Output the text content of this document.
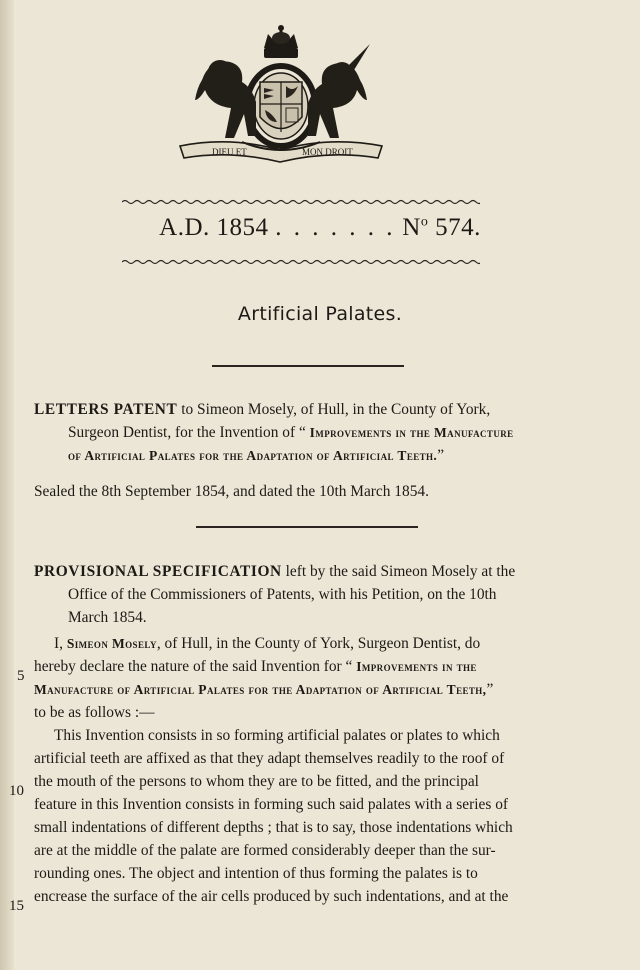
DIEU ET	MON DROIT
A.D. 1854 . . . . . . . $N^o$ 574.
Artificial Palates.
LETTERS PATENT to Simeon Mosely, of Hull, in the County of York,
Surgeon Dentist, for the Invention of “ Improvements in the Manufacture
of Artificial Palates for the Adaptation of Artificial Teeth.”
Sealed the 8th September 1854, and dated the 10th March 1854.
PROVISIONAL SPECIFICATION left by the said Simeon Mosely at the
Office of the Commissioners of Patents, with his Petition, on the 10th
March 1854.
I, Simeon Mosely, of Hull, in the County of York, Surgeon Dentist, do
hereby declare the nature of the said Invention for “ Improvements in the
Manufacture of Artificial Palates for the Adaptation of Artificial Teeth,”
to be as follows :—
This Invention consists in so forming artificial palates or plates to which
artificial teeth are affixed as that they adapt themselves readily to the roof of
the mouth of the persons to whom they are to be fitted, and the principal
feature in this Invention consists in forming such said palates with a series of
small indentations of different depths ; that is to say, those indentations which
are at the middle of the palate are formed considerably deeper than the sur-
rounding ones. The object and intention of thus forming the palates is to
encrease the surface of the air cells produced by such indentations, and at the
5
10
15
